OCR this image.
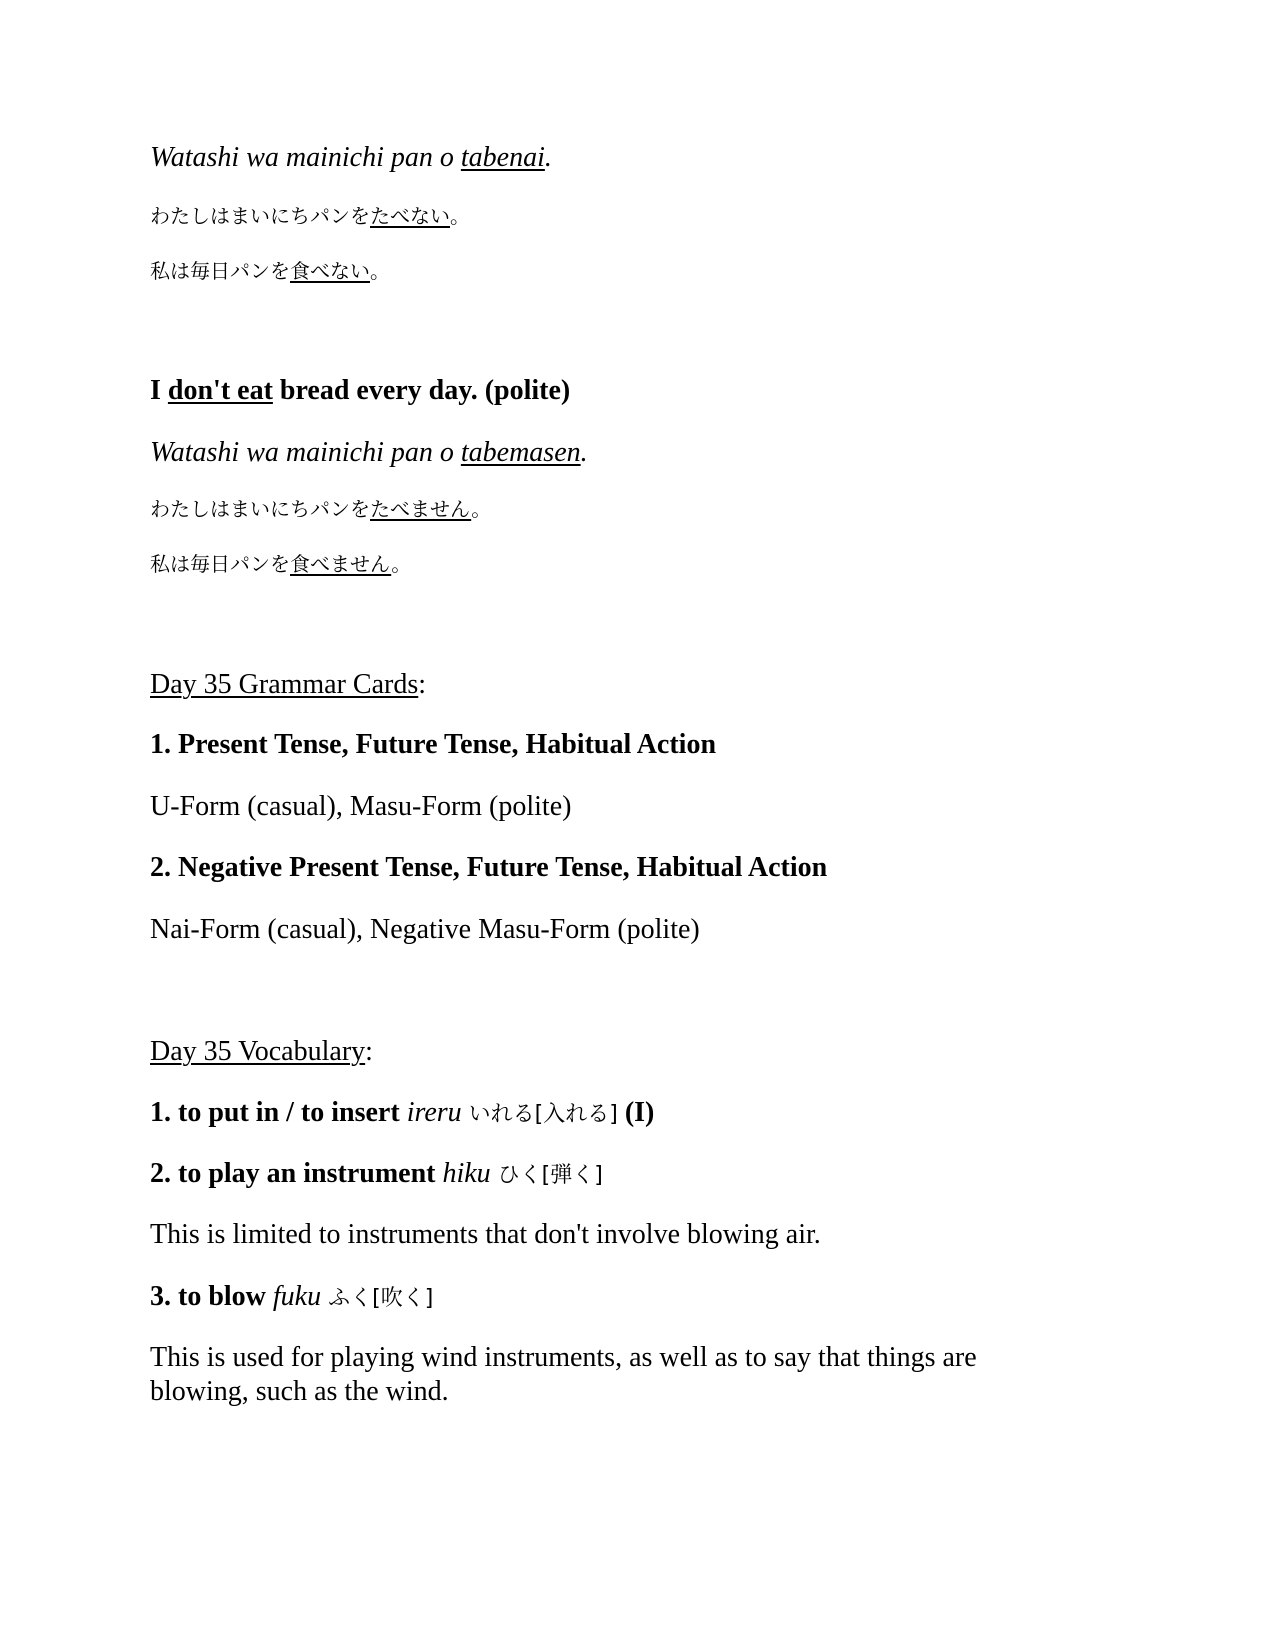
Watashi wa mainichi pan o tabenai.
わたしはまいにちパンをたべない。
私は毎日パンを食べない。
I don't eat bread every day. (polite)
Watashi wa mainichi pan o tabemasen.
わたしはまいにちパンをたべません。
私は毎日パンを食べません。
Day 35 Grammar Cards:
1. Present Tense, Future Tense, Habitual Action
U-Form (casual), Masu-Form (polite)
2. Negative Present Tense, Future Tense, Habitual Action
Nai-Form (casual), Negative Masu-Form (polite)
Day 35 Vocabulary:
1. to put in / to insert ireru いれる[入れる] (I)
2. to play an instrument hiku ひく[弾く]
This is limited to instruments that don't involve blowing air.
3. to blow fuku ふく[吹く]
This is used for playing wind instruments, as well as to say that things are blowing, such as the wind.
